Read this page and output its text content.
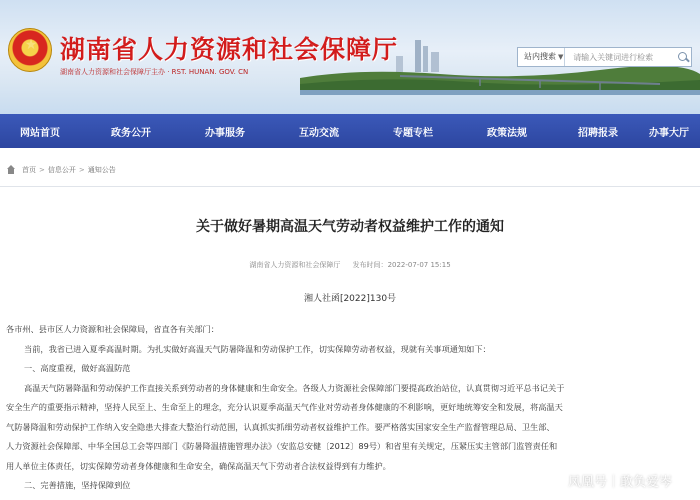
★
湖南省人力资源和社会保障厅
湖南省人力资源和社会保障厅主办 · RST. HUNAN. GOV. CN
站内搜索 ▼
请输入关键词进行检索
网站首页	政务公开	办事服务	互动交流	专题专栏	政策法规	招聘报录	办事大厅
首页 > 信息公开 > 通知公告
关于做好暑期高温天气劳动者权益维护工作的通知
湖南省人力资源和社会保障厅 发布时间：2022-07-07 15:15
湘人社函[2022]130号

各市州、县市区人力资源和社会保障局，省直各有关部门：

当前，我省已进入夏季高温时期。为扎实做好高温天气防暑降温和劳动保护工作，切实保障劳动者权益，现就有关事项通知如下：

一、高度重视，做好高温防范

高温天气防暑降温和劳动保护工作直接关系到劳动者的身体健康和生命安全。各级人力资源社会保障部门要提高政治站位，认真贯彻习近平总书记关于

安全生产的重要指示精神，坚持人民至上、生命至上的理念，充分认识夏季高温天气作业对劳动者身体健康的不利影响，更好地统筹安全和发展，将高温天

气防暑降温和劳动保护工作纳入安全隐患大排查大整治行动范围，认真抓实抓细劳动者权益维护工作。要严格落实国家安全生产监督管理总局、卫生部、

人力资源社会保障部、中华全国总工会等四部门《防暑降温措施管理办法》（安监总安健〔2012〕89号）和省里有关规定，压紧压实主管部门监管责任和

用人单位主体责任，切实保障劳动者身体健康和生命安全，确保高温天气下劳动者合法权益得到有力维护。

二、完善措施，坚持保障到位	凤凰号｜敢负爱岑
